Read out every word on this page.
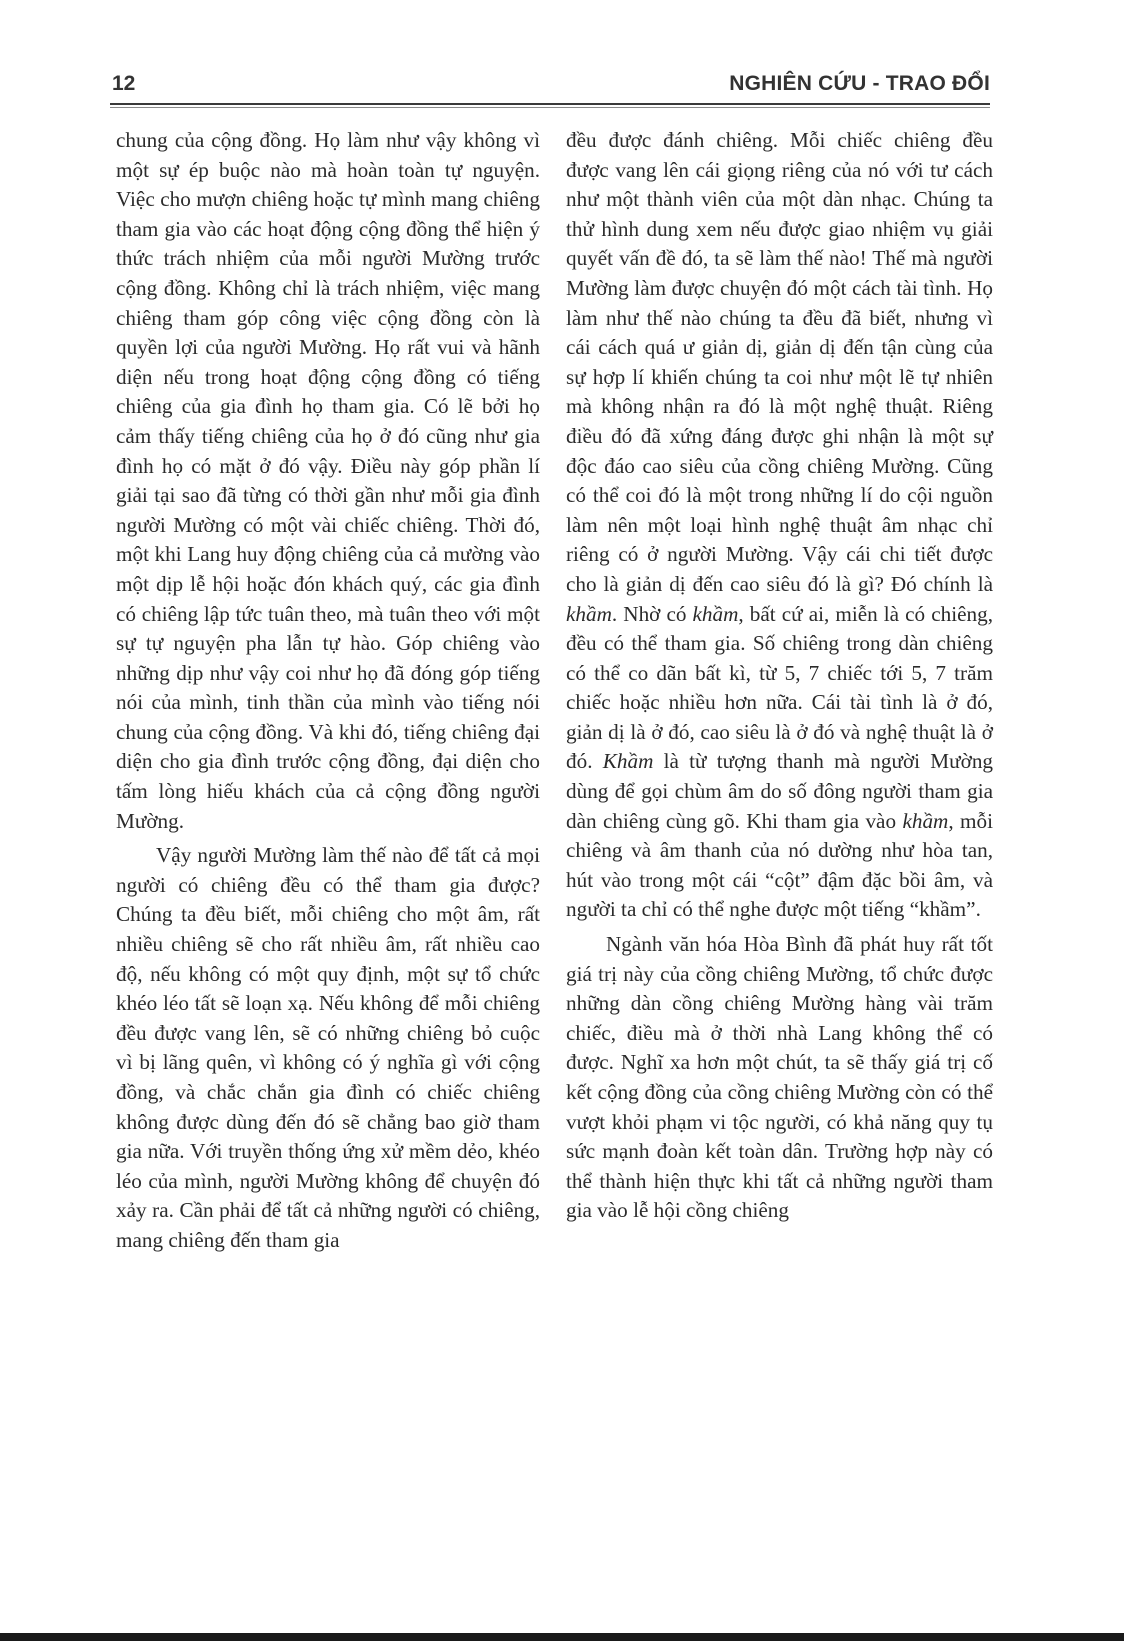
12	NGHIÊN CỨU - TRAO ĐỔI

chung của cộng đồng. Họ làm như vậy không vì một sự ép buộc nào mà hoàn toàn tự nguyện. Việc cho mượn chiêng hoặc tự mình mang chiêng tham gia vào các hoạt động cộng đồng thể hiện ý thức trách nhiệm của mỗi người Mường trước cộng đồng. Không chỉ là trách nhiệm, việc mang chiêng tham góp công việc cộng đồng còn là quyền lợi của người Mường. Họ rất vui và hãnh diện nếu trong hoạt động cộng đồng có tiếng chiêng của gia đình họ tham gia. Có lẽ bởi họ cảm thấy tiếng chiêng của họ ở đó cũng như gia đình họ có mặt ở đó vậy. Điều này góp phần lí giải tại sao đã từng có thời gần như mỗi gia đình người Mường có một vài chiếc chiêng. Thời đó, một khi Lang huy động chiêng của cả mường vào một dịp lễ hội hoặc đón khách quý, các gia đình có chiêng lập tức tuân theo, mà tuân theo với một sự tự nguyện pha lẫn tự hào. Góp chiêng vào những dịp như vậy coi như họ đã đóng góp tiếng nói của mình, tinh thần của mình vào tiếng nói chung của cộng đồng. Và khi đó, tiếng chiêng đại diện cho gia đình trước cộng đồng, đại diện cho tấm lòng hiếu khách của cả cộng đồng người Mường.

Vậy người Mường làm thế nào để tất cả mọi người có chiêng đều có thể tham gia được? Chúng ta đều biết, mỗi chiêng cho một âm, rất nhiều chiêng sẽ cho rất nhiều âm, rất nhiều cao độ, nếu không có một quy định, một sự tổ chức khéo léo tất sẽ loạn xạ. Nếu không để mỗi chiêng đều được vang lên, sẽ có những chiêng bỏ cuộc vì bị lãng quên, vì không có ý nghĩa gì với cộng đồng, và chắc chắn gia đình có chiếc chiêng không được dùng đến đó sẽ chẳng bao giờ tham gia nữa. Với truyền thống ứng xử mềm dẻo, khéo léo của mình, người Mường không để chuyện đó xảy ra. Cần phải để tất cả những người có chiêng, mang chiêng đến tham gia

đều được đánh chiêng. Mỗi chiếc chiêng đều được vang lên cái giọng riêng của nó với tư cách như một thành viên của một dàn nhạc. Chúng ta thử hình dung xem nếu được giao nhiệm vụ giải quyết vấn đề đó, ta sẽ làm thế nào! Thế mà người Mường làm được chuyện đó một cách tài tình. Họ làm như thế nào chúng ta đều đã biết, nhưng vì cái cách quá ư giản dị, giản dị đến tận cùng của sự hợp lí khiến chúng ta coi như một lẽ tự nhiên mà không nhận ra đó là một nghệ thuật. Riêng điều đó đã xứng đáng được ghi nhận là một sự độc đáo cao siêu của cồng chiêng Mường. Cũng có thể coi đó là một trong những lí do cội nguồn làm nên một loại hình nghệ thuật âm nhạc chỉ riêng có ở người Mường. Vậy cái chi tiết được cho là giản dị đến cao siêu đó là gì? Đó chính là khầm. Nhờ có khầm, bất cứ ai, miễn là có chiêng, đều có thể tham gia. Số chiêng trong dàn chiêng có thể co dãn bất kì, từ 5, 7 chiếc tới 5, 7 trăm chiếc hoặc nhiều hơn nữa. Cái tài tình là ở đó, giản dị là ở đó, cao siêu là ở đó và nghệ thuật là ở đó. Khầm là từ tượng thanh mà người Mường dùng để gọi chùm âm do số đông người tham gia dàn chiêng cùng gõ. Khi tham gia vào khầm, mỗi chiêng và âm thanh của nó dường như hòa tan, hút vào trong một cái “cột” đậm đặc bồi âm, và người ta chỉ có thể nghe được một tiếng “khầm”.

Ngành văn hóa Hòa Bình đã phát huy rất tốt giá trị này của cồng chiêng Mường, tổ chức được những dàn cồng chiêng Mường hàng vài trăm chiếc, điều mà ở thời nhà Lang không thể có được. Nghĩ xa hơn một chút, ta sẽ thấy giá trị cố kết cộng đồng của cồng chiêng Mường còn có thể vượt khỏi phạm vi tộc người, có khả năng quy tụ sức mạnh đoàn kết toàn dân. Trường hợp này có thể thành hiện thực khi tất cả những người tham gia vào lễ hội cồng chiêng
